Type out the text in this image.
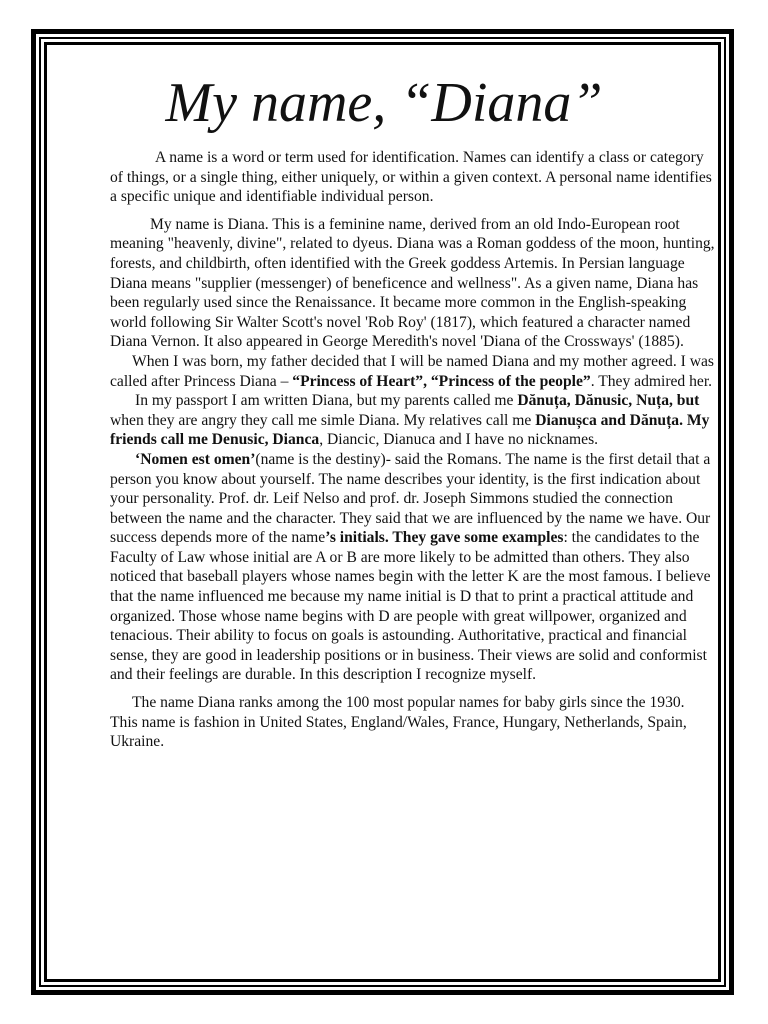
My name, “Diana”

A name is a word or term used for identification. Names can identify a class or category of things, or a single thing, either uniquely, or within a given context. A personal name identifies a specific unique and identifiable individual person.

My name is Diana. This is a feminine name, derived from an old Indo-European root meaning "heavenly, divine", related to dyeus. Diana was a Roman goddess of the moon, hunting, forests, and childbirth, often identified with the Greek goddess Artemis. In Persian language Diana means "supplier (messenger) of beneficence and wellness". As a given name, Diana has been regularly used since the Renaissance. It became more common in the English-speaking world following Sir Walter Scott's novel 'Rob Roy' (1817), which featured a character named Diana Vernon. It also appeared in George Meredith's novel 'Diana of the Crossways' (1885).

When I was born, my father decided that I will be named Diana and my mother agreed. I was called after Princess Diana – “Princess of Heart”, “Princess of the people”. They admired her.

In my passport I am written Diana, but my parents called me Dănuța, Dănusic, Nuța, but when they are angry they call me simle Diana. My relatives call me Dianușca and Dănuța. My friends call me Denusic, Dianca, Diancic, Dianuca and I have no nicknames.

‘Nomen est omen’(name is the destiny)- said the Romans. The name is the first detail that a person you know about yourself. The name describes your identity, is the first indication about your personality. Prof. dr. Leif Nelso and prof. dr. Joseph Simmons studied the connection between the name and the character. They said that we are influenced by the name we have. Our success depends more of the name’s initials. They gave some examples: the candidates to the Faculty of Law whose initial are A or B are more likely to be admitted than others. They also noticed that baseball players whose names begin with the letter K are the most famous. I believe that the name influenced me because my name initial is D that to print a practical attitude and organized. Those whose name begins with D are people with great willpower, organized and tenacious. Their ability to focus on goals is astounding. Authoritative, practical and financial sense, they are good in leadership positions or in business. Their views are solid and conformist and their feelings are durable. In this description I recognize myself.

The name Diana ranks among the 100 most popular names for baby girls since the 1930. This name is fashion in United States, England/Wales, France, Hungary, Netherlands, Spain, Ukraine.
